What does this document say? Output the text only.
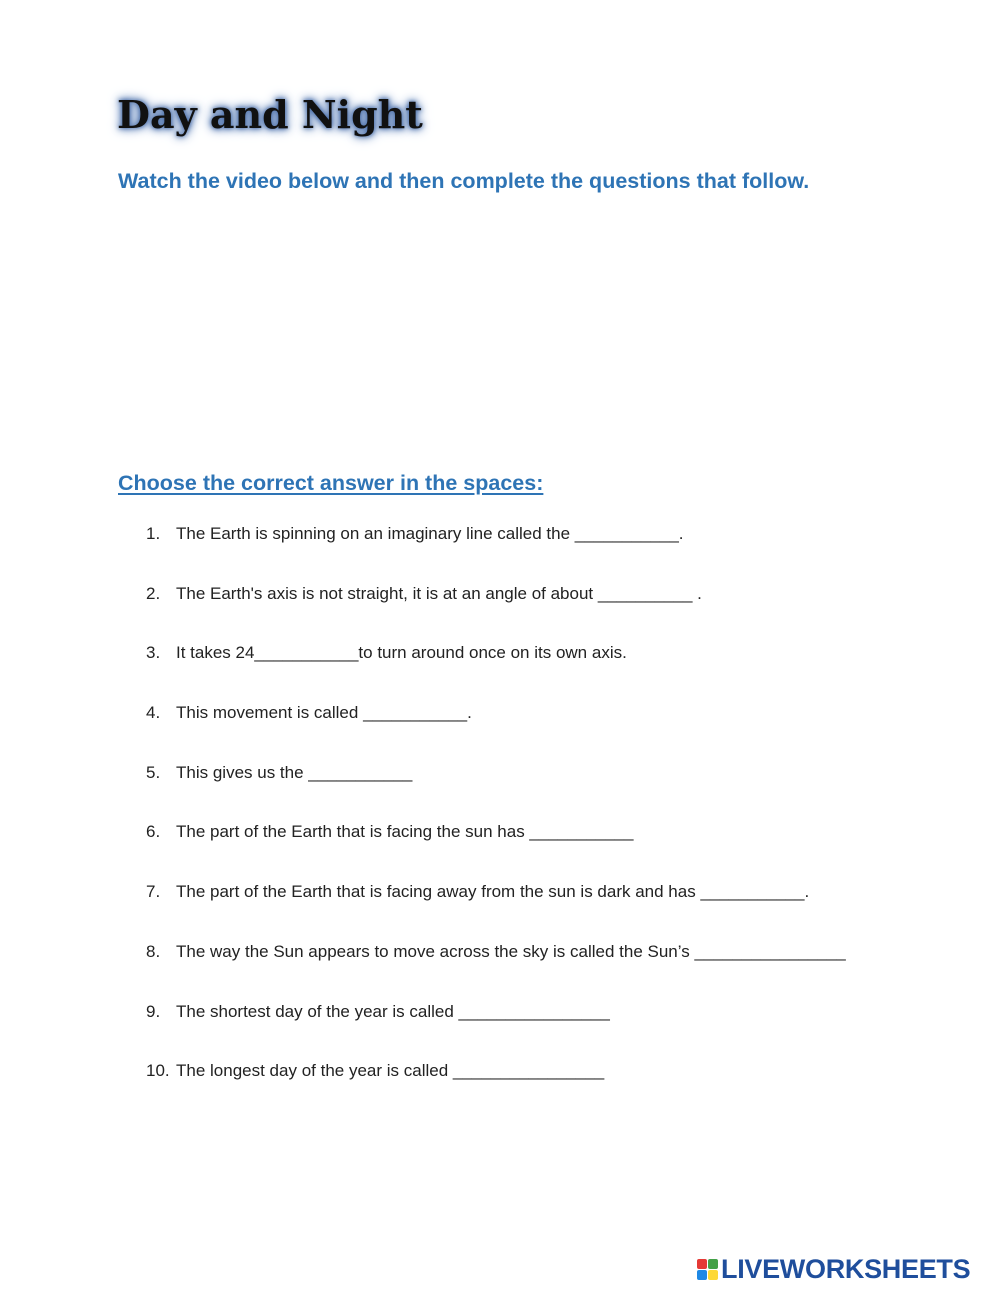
Day and Night

Watch the video below and then complete the questions that follow.

Choose the correct answer in the spaces:
1. The Earth is spinning on an imaginary line called the ___________.
2. The Earth's axis is not straight, it is at an angle of about __________ .
3. It takes 24___________to turn around once on its own axis.
4. This movement is called ___________.
5. This gives us the ___________
6. The part of the Earth that is facing the sun has ___________
7. The part of the Earth that is facing away from the sun is dark and has ___________.
8. The way the Sun appears to move across the sky is called the Sun’s ________________
9. The shortest day of the year is called ________________
10. The longest day of the year is called ________________
LIVEWORKSHEETS
